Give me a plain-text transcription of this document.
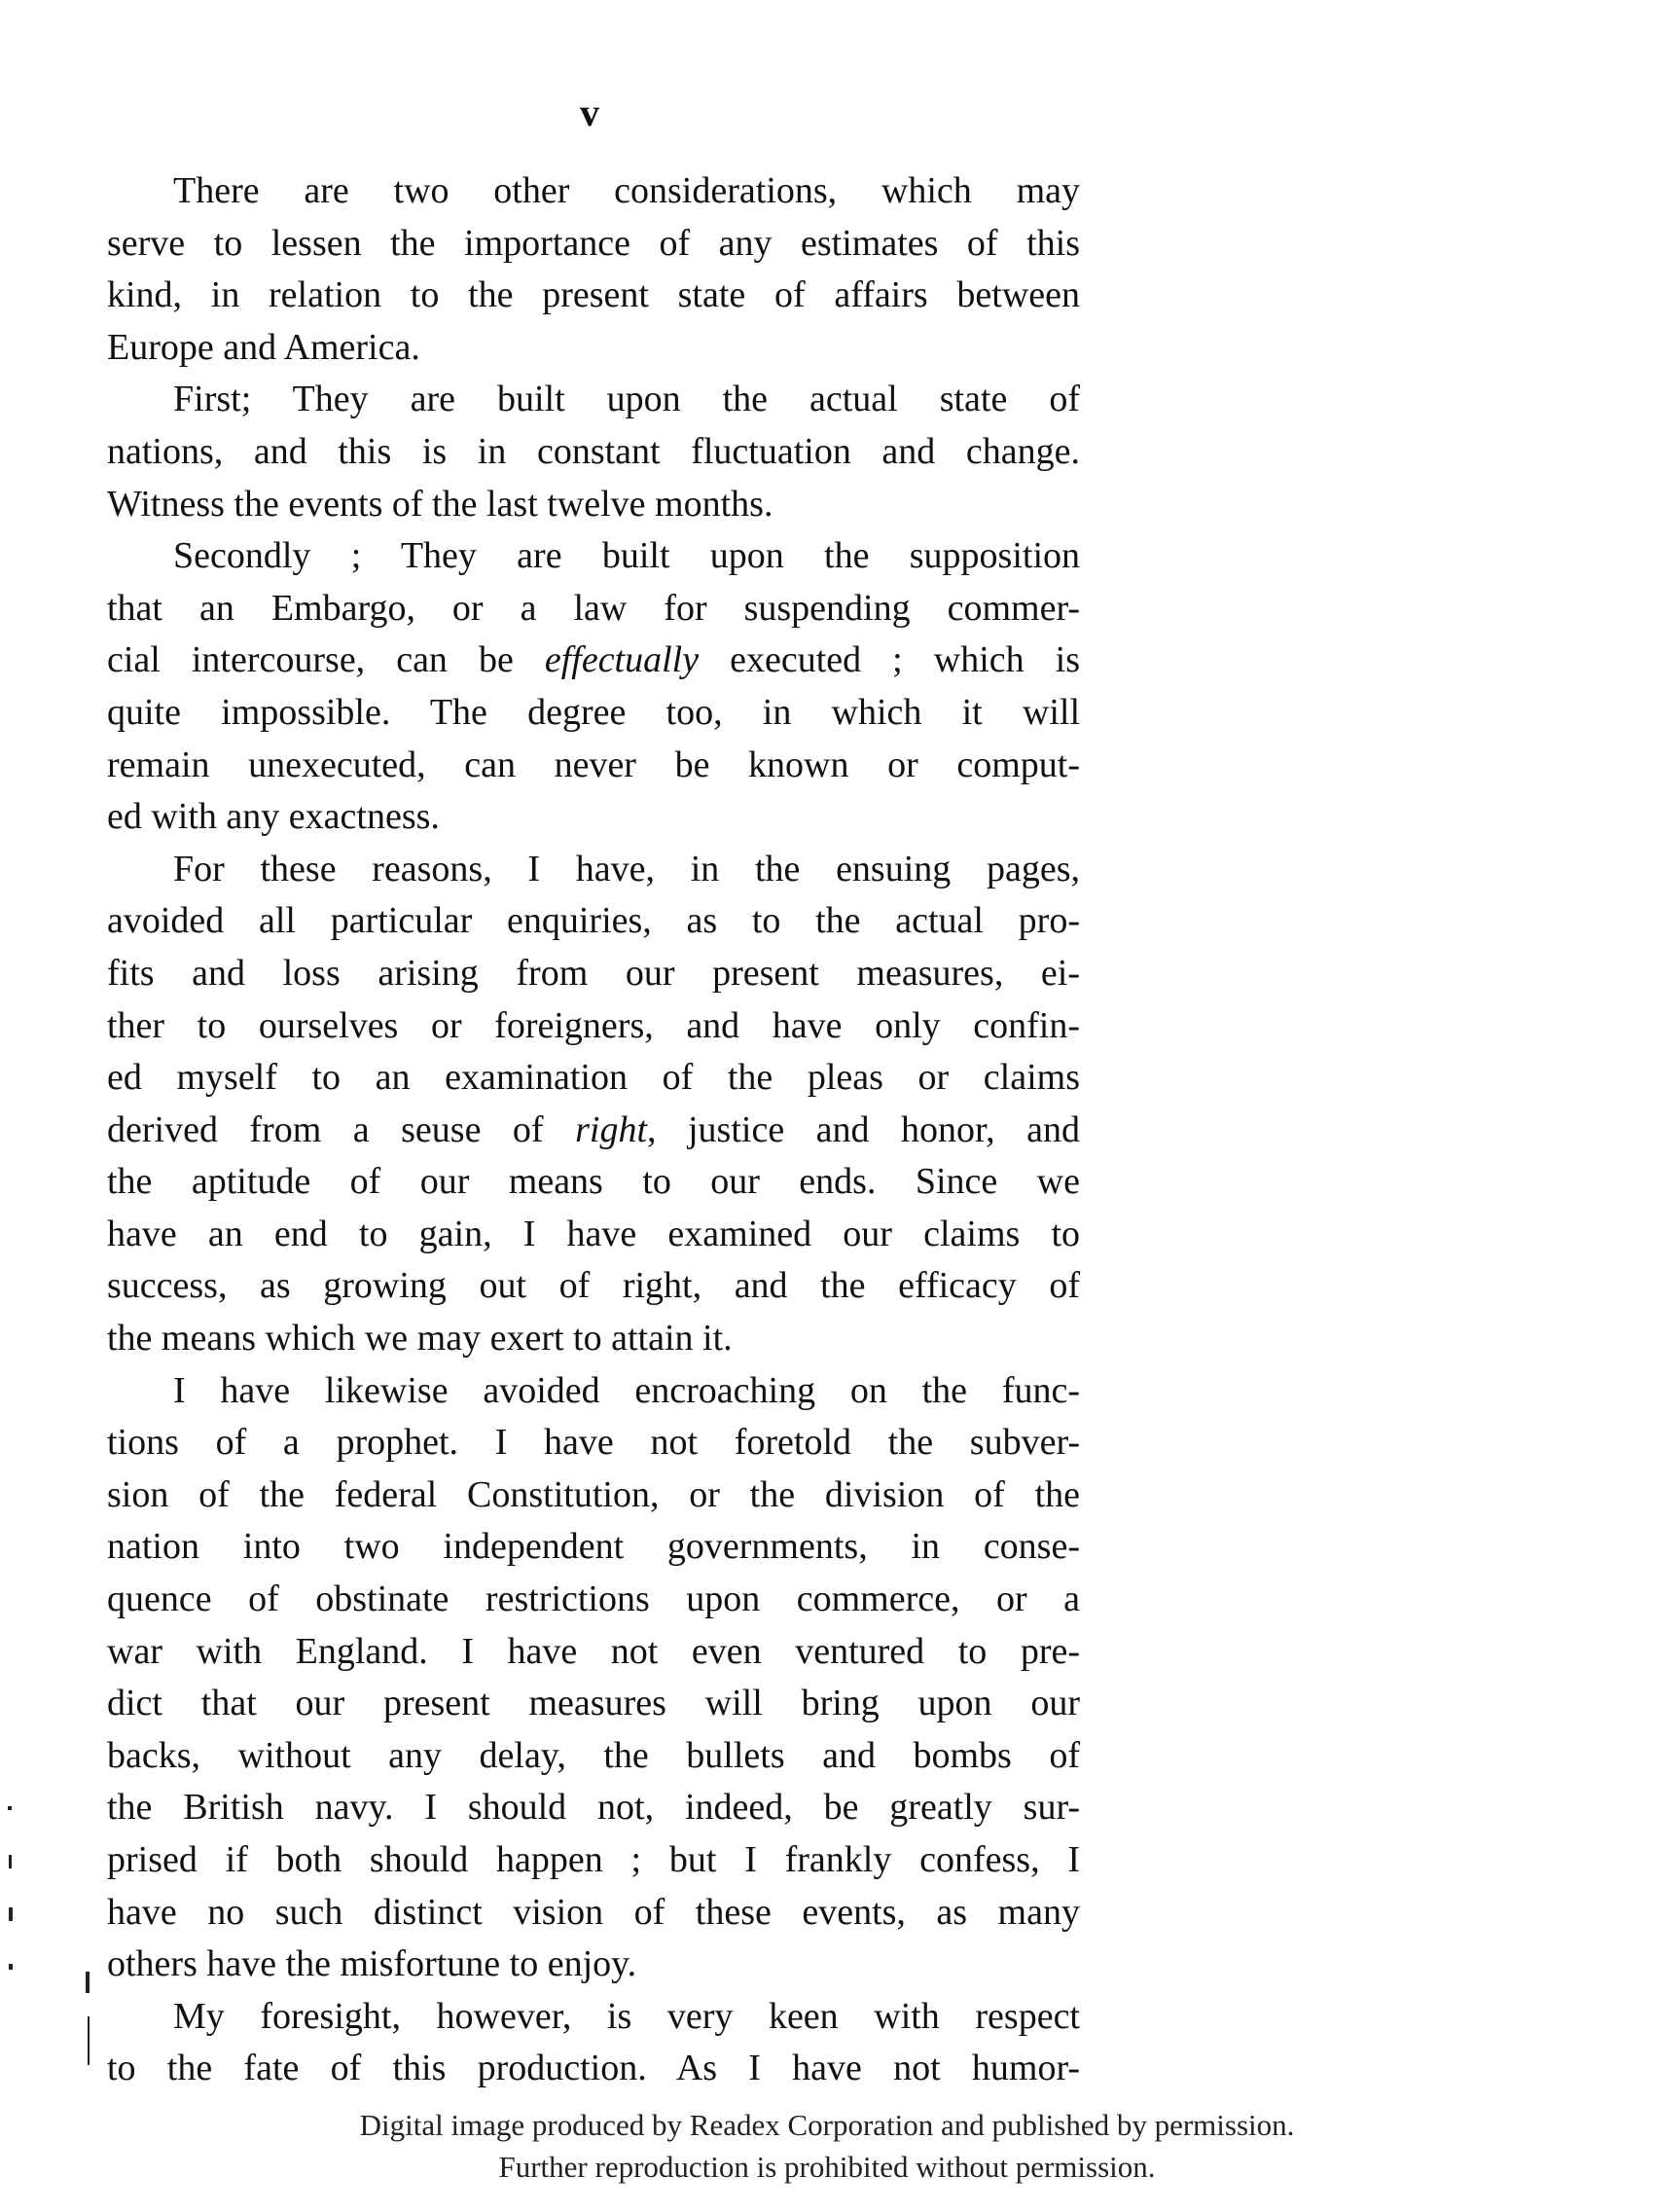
v
There are two other considerations, which may
serve to lessen the importance of any estimates of this
kind, in relation to the present state of affairs between
Europe and America.
First; They are built upon the actual state of
nations, and this is in constant fluctuation and change.
Witness the events of the last twelve months.
Secondly ; They are built upon the supposition
that an Embargo, or a law for suspending commer-
cial intercourse, can be effectually executed ; which is
quite impossible. The degree too, in which it will
remain unexecuted, can never be known or comput-
ed with any exactness.
For these reasons, I have, in the ensuing pages,
avoided all particular enquiries, as to the actual pro-
fits and loss arising from our present measures, ei-
ther to ourselves or foreigners, and have only confin-
ed myself to an examination of the pleas or claims
derived from a seuse of right, justice and honor, and
the aptitude of our means to our ends. Since we
have an end to gain, I have examined our claims to
success, as growing out of right, and the efficacy of
the means which we may exert to attain it.
I have likewise avoided encroaching on the func-
tions of a prophet. I have not foretold the subver-
sion of the federal Constitution, or the division of the
nation into two independent governments, in conse-
quence of obstinate restrictions upon commerce, or a
war with England. I have not even ventured to pre-
dict that our present measures will bring upon our
backs, without any delay, the bullets and bombs of
the British navy. I should not, indeed, be greatly sur-
prised if both should happen ; but I frankly confess, I
have no such distinct vision of these events, as many
others have the misfortune to enjoy.
My foresight, however, is very keen with respect
to the fate of this production. As I have not humor-
Digital image produced by Readex Corporation and published by permission.
Further reproduction is prohibited without permission.
